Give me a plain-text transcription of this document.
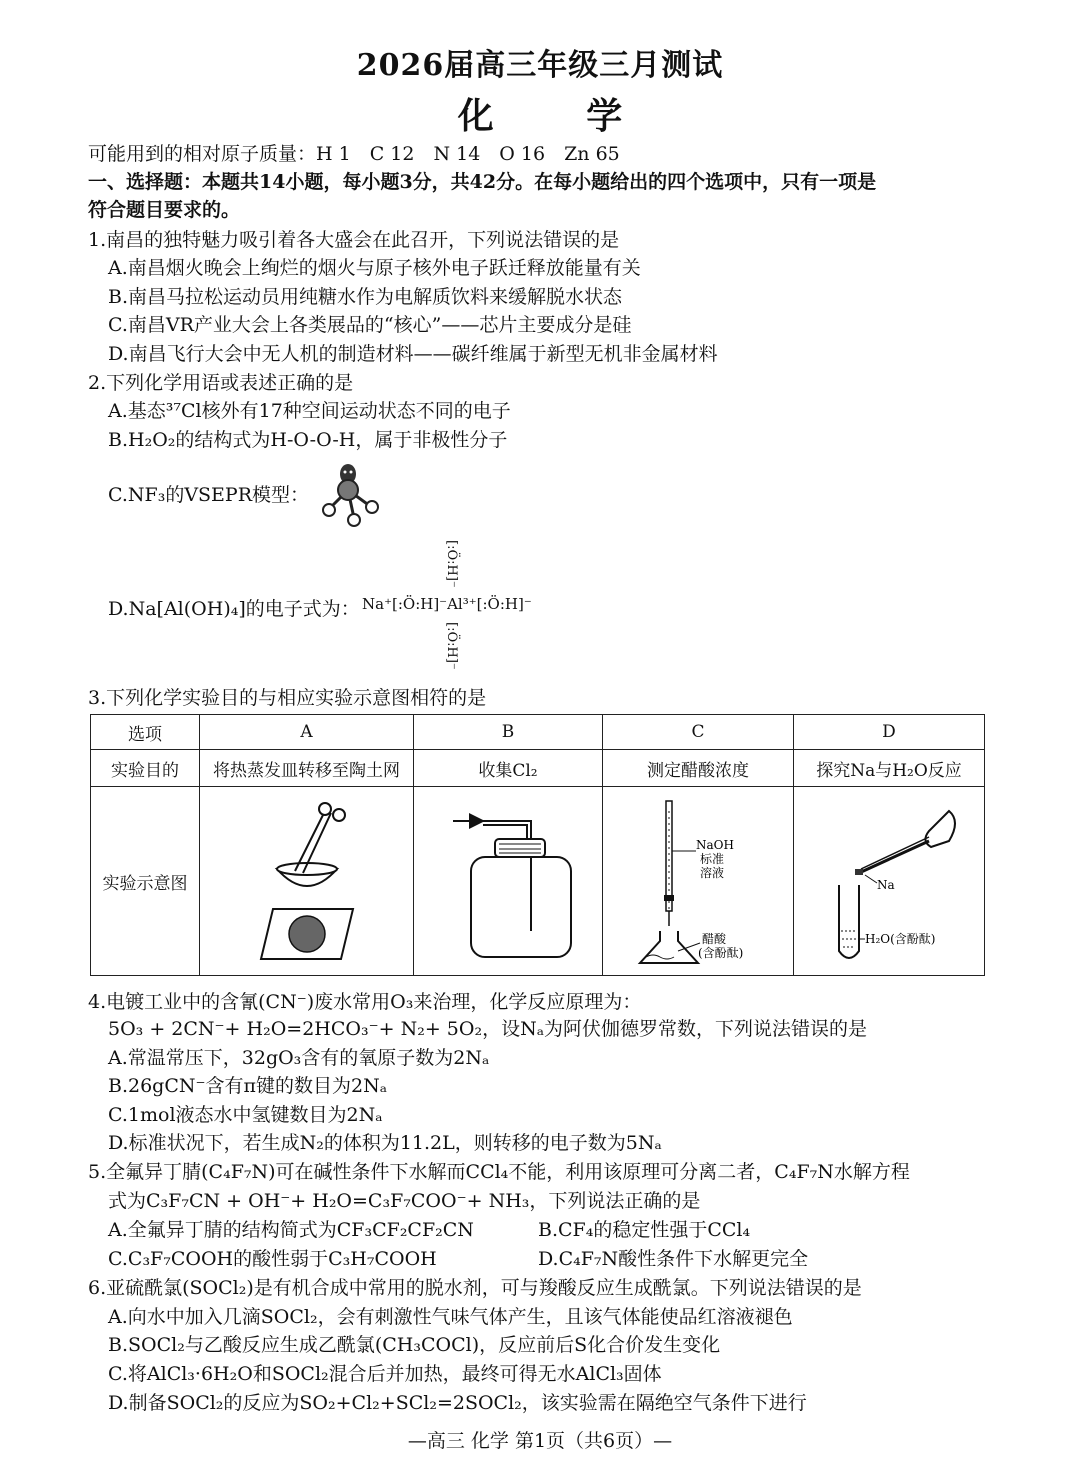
2026届高三年级三月测试
化 学
可能用到的相对原子质量：H 1　C 12　N 14　O 16　Zn 65
一、选择题：本题共14小题，每小题3分，共42分。在每小题给出的四个选项中，只有一项是
符合题目要求的。
1.南昌的独特魅力吸引着各大盛会在此召开，下列说法错误的是
A.南昌烟火晚会上绚烂的烟火与原子核外电子跃迁释放能量有关
B.南昌马拉松运动员用纯糖水作为电解质饮料来缓解脱水状态
C.南昌VR产业大会上各类展品的“核心”——芯片主要成分是硅
D.南昌飞行大会中无人机的制造材料——碳纤维属于新型无机非金属材料
2.下列化学用语或表述正确的是
A.基态³⁷Cl核外有17种空间运动状态不同的电子
B.H₂O₂的结构式为H-O-O-H，属于非极性分子
C.NF₃的VSEPR模型：
D.Na[Al(OH)₄]的电子式为： Na⁺[:Ö:H]⁻Al³⁺[:Ö:H]⁻
[:Ö:H]⁻
[:Ö:H]⁻
3.下列化学实验目的与相应实验示意图相符的是
选项	A	B	C	D
实验目的	将热蒸发皿转移至陶土网	收集Cl₂	测定醋酸浓度	探究Na与H₂O反应
实验示意图			NaOH
标准
溶液
醋酸
(含酚酞)	Na
H₂O(含酚酞)
4.电镀工业中的含氰(CN⁻)废水常用O₃来治理，化学反应原理为：
5O₃ + 2CN⁻+ H₂O=2HCO₃⁻+ N₂+ 5O₂，设Nₐ为阿伏伽德罗常数，下列说法错误的是
A.常温常压下，32gO₃含有的氧原子数为2Nₐ
B.26gCN⁻含有π键的数目为2Nₐ
C.1mol液态水中氢键数目为2Nₐ
D.标准状况下，若生成N₂的体积为11.2L，则转移的电子数为5Nₐ
5.全氟异丁腈(C₄F₇N)可在碱性条件下水解而CCl₄不能，利用该原理可分离二者，C₄F₇N水解方程
式为C₃F₇CN + OH⁻+ H₂O=C₃F₇COO⁻+ NH₃，下列说法正确的是
A.全氟异丁腈的结构简式为CF₃CF₂CF₂CN	B.CF₄的稳定性强于CCl₄
C.C₃F₇COOH的酸性弱于C₃H₇COOH	D.C₄F₇N酸性条件下水解更完全
6.亚硫酰氯(SOCl₂)是有机合成中常用的脱水剂，可与羧酸反应生成酰氯。下列说法错误的是
A.向水中加入几滴SOCl₂，会有刺激性气味气体产生，且该气体能使品红溶液褪色
B.SOCl₂与乙酸反应生成乙酰氯(CH₃COCl)，反应前后S化合价发生变化
C.将AlCl₃·6H₂O和SOCl₂混合后并加热，最终可得无水AlCl₃固体
D.制备SOCl₂的反应为SO₂+Cl₂+SCl₂=2SOCl₂，该实验需在隔绝空气条件下进行
—高三 化学 第1页（共6页）—
